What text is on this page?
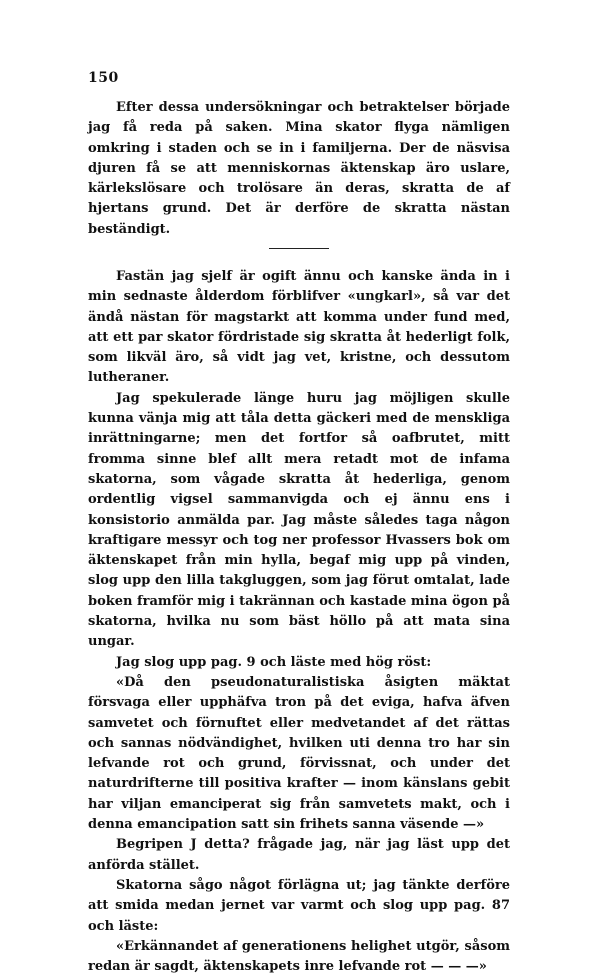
150

Efter dessa undersökningar och betraktelser började jag få reda på saken. Mina skator flyga nämligen omkring i staden och se in i familjerna. Der de näsvisa djuren få se att menniskornas äktenskap äro uslare, kärlekslösare och trolösare än deras, skratta de af hjertans grund. Det är derföre de skratta nästan beständigt.

Fastän jag sjelf är ogift ännu och kanske ända in i min sednaste ålderdom förblifver «ungkarl», så var det ändå nästan för magstarkt att komma under fund med, att ett par skator fördristade sig skratta åt hederligt folk, som likväl äro, så vidt jag vet, kristne, och dessutom lutheraner.

Jag spekulerade länge huru jag möjligen skulle kunna vänja mig att tåla detta gäckeri med de menskliga inrättningarne; men det fortfor så oafbrutet, mitt fromma sinne blef allt mera retadt mot de infama skatorna, som vågade skratta åt hederliga, genom ordentlig vigsel sammanvigda och ej ännu ens i konsistorio anmälda par. Jag måste således taga någon kraftigare messyr och tog ner professor Hvassers bok om äktenskapet från min hylla, begaf mig upp på vinden, slog upp den lilla takgluggen, som jag förut omtalat, lade boken framför mig i takrännan och kastade mina ögon på skatorna, hvilka nu som bäst höllo på att mata sina ungar.

Jag slog upp pag. 9 och läste med hög röst:

«Då den pseudonaturalistiska åsigten mäktat försvaga eller upphäfva tron på det eviga, hafva äfven samvetet och förnuftet eller medvetandet af det rättas och sannas nödvändighet, hvilken uti denna tro har sin lefvande rot och grund, förvissnat, och under det naturdrifterne till positiva krafter — inom känslans gebit har viljan emanciperat sig från samvetets makt, och i denna emancipation satt sin frihets sanna väsende —»

Begripen J detta? frågade jag, när jag läst upp det anförda stället.

Skatorna sågo något förlägna ut; jag tänkte derföre att smida medan jernet var varmt och slog upp pag. 87 och läste:

«Erkännandet af generationens helighet utgör, såsom redan är sagdt, äktenskapets inre lefvande rot — — —»
